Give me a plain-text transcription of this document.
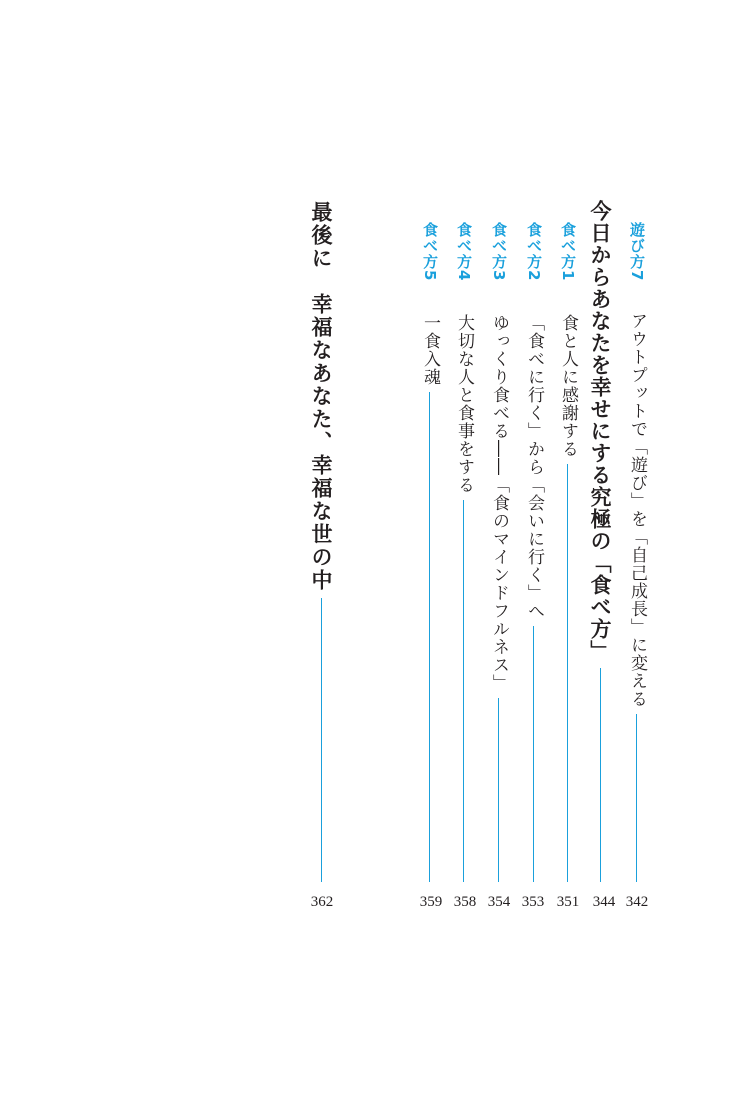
遊び方7
アウトプットで「遊び」を「自己成長」に変える
342
今日からあなたを幸せにする究極の「食べ方」
344
食べ方1
食と人に感謝する
351
食べ方2
「食べに行く」から「会いに行く」へ
353
食べ方3
ゆっくり食べる――「食のマインドフルネス」
354
食べ方4
大切な人と食事をする
358
食べ方5
一食入魂
359
最後に　幸福なあなた、幸福な世の中
362
